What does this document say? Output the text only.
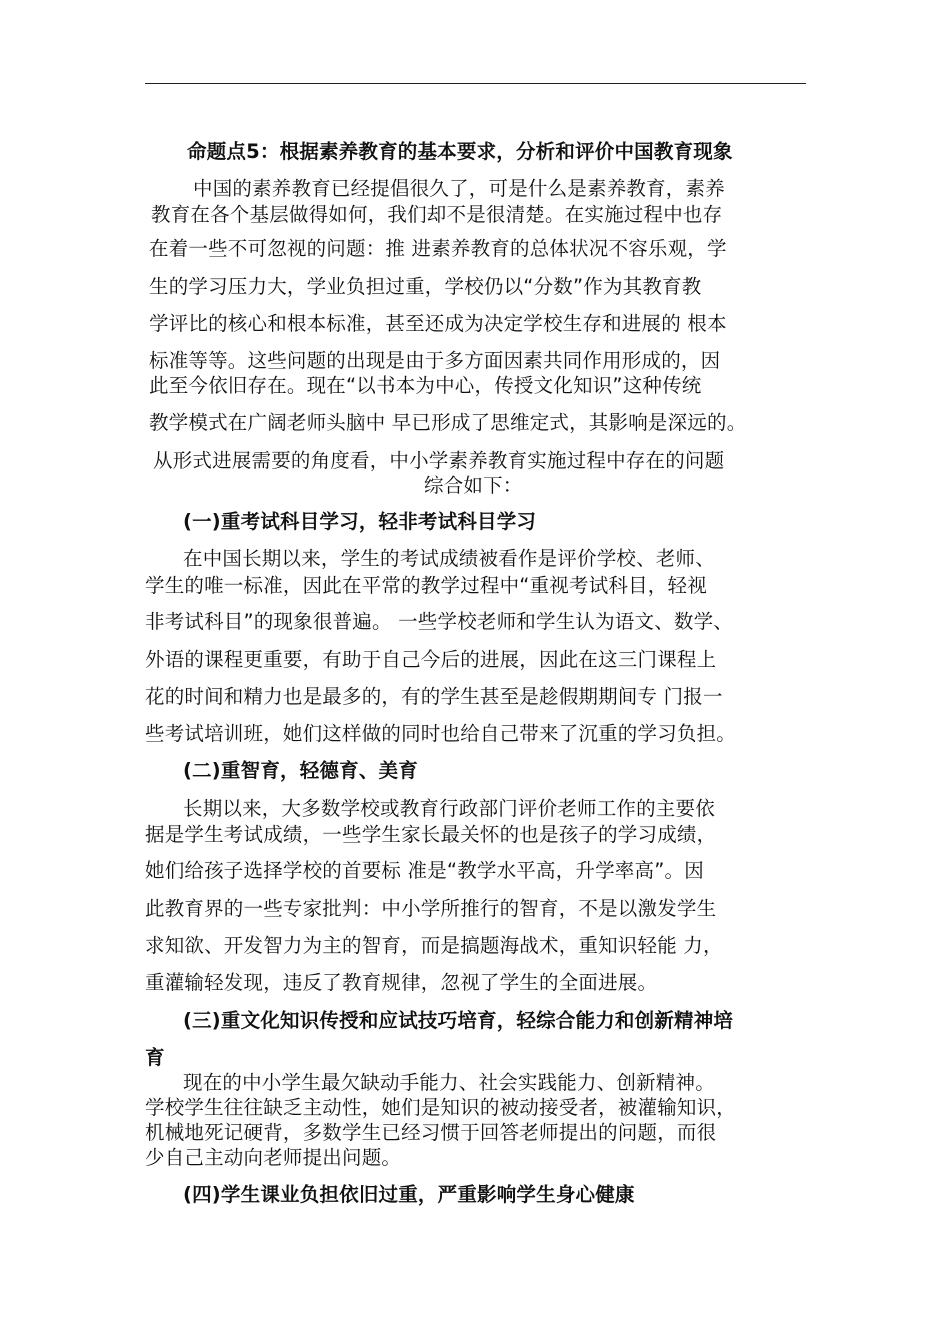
命题点5：根据素养教育的基本要求，分析和评价中国教育现象
中国的素养教育已经提倡很久了，可是什么是素养教育，素养
教育在各个基层做得如何，我们却不是很清楚。在实施过程中也存
在着一些不可忽视的问题：推 进素养教育的总体状况不容乐观，学
生的学习压力大，学业负担过重，学校仍以“分数”作为其教育教
学评比的核心和根本标准，甚至还成为决定学校生存和进展的 根本
标准等等。这些问题的出现是由于多方面因素共同作用形成的，因
此至今依旧存在。现在“以书本为中心，传授文化知识”这种传统
教学模式在广阔老师头脑中 早已形成了思维定式，其影响是深远的。
从形式进展需要的角度看，中小学素养教育实施过程中存在的问题
综合如下：
(一)重考试科目学习，轻非考试科目学习
在中国长期以来，学生的考试成绩被看作是评价学校、老师、
学生的唯一标准，因此在平常的教学过程中“重视考试科目，轻视
非考试科目”的现象很普遍。 一些学校老师和学生认为语文、数学、
外语的课程更重要，有助于自己今后的进展，因此在这三门课程上
花的时间和精力也是最多的，有的学生甚至是趁假期期间专 门报一
些考试培训班，她们这样做的同时也给自己带来了沉重的学习负担。
(二)重智育，轻德育、美育
长期以来，大多数学校或教育行政部门评价老师工作的主要依
据是学生考试成绩，一些学生家长最关怀的也是孩子的学习成绩，
她们给孩子选择学校的首要标 准是“教学水平高，升学率高”。因
此教育界的一些专家批判：中小学所推行的智育，不是以激发学生
求知欲、开发智力为主的智育，而是搞题海战术，重知识轻能 力，
重灌输轻发现，违反了教育规律，忽视了学生的全面进展。
(三)重文化知识传授和应试技巧培育，轻综合能力和创新精神培
育
现在的中小学生最欠缺动手能力、社会实践能力、创新精神。
学校学生往往缺乏主动性，她们是知识的被动接受者，被灌输知识，
机械地死记硬背，多数学生已经习惯于回答老师提出的问题，而很
少自己主动向老师提出问题。
(四)学生课业负担依旧过重，严重影响学生身心健康
